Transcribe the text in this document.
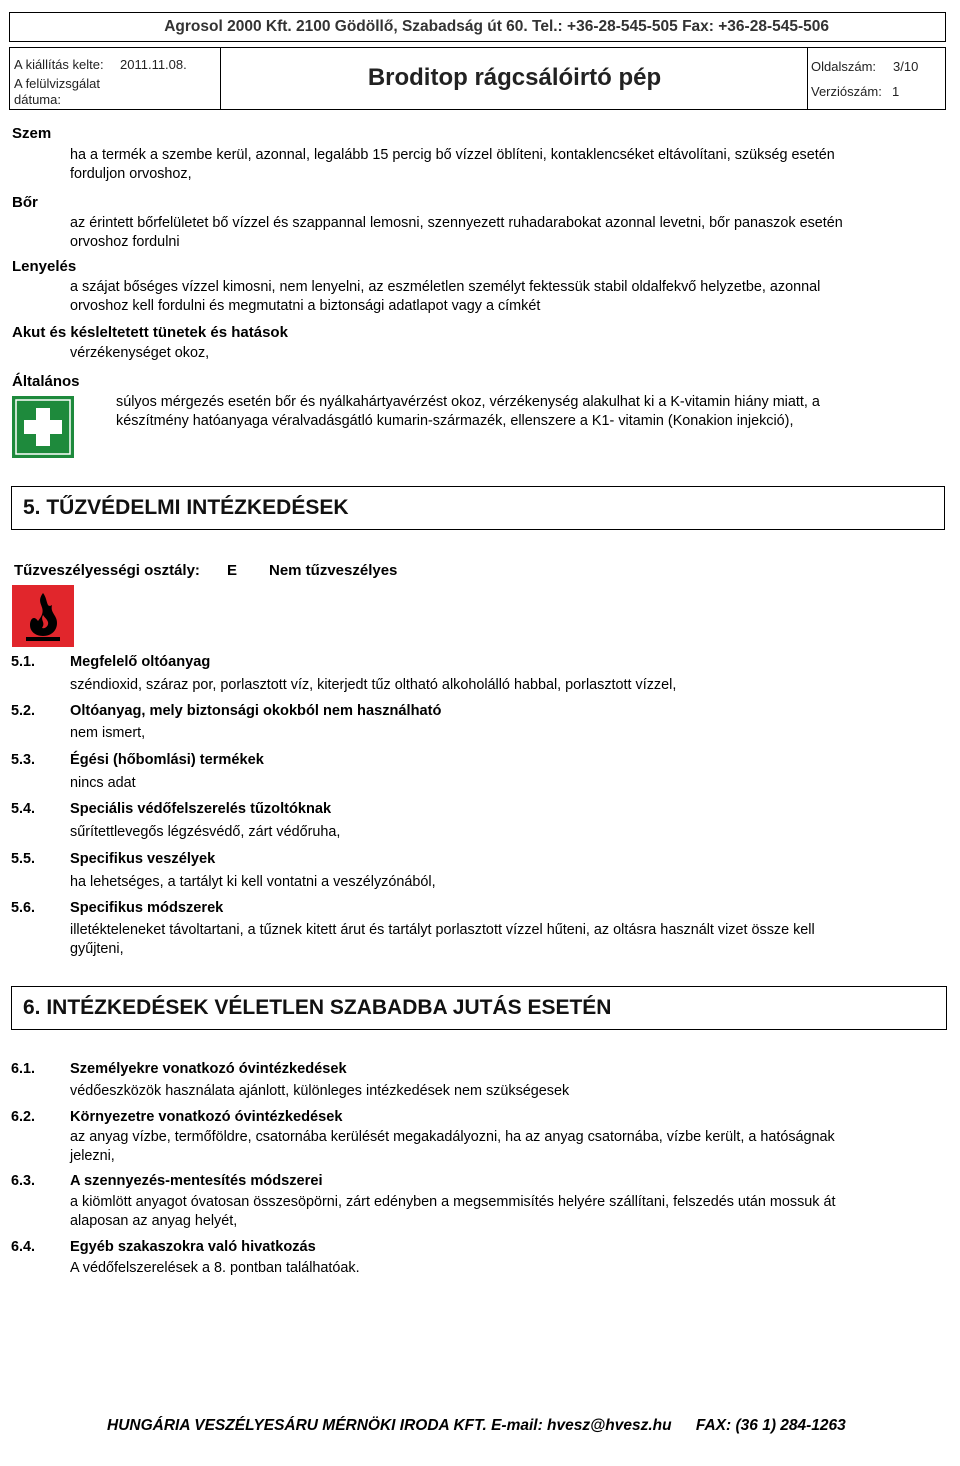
Agrosol 2000 Kft. 2100 Gödöllő, Szabadság út 60. Tel.: +36-28-545-505 Fax: +36-28-545-506
A kiállítás kelte: 2011.11.08.
A felülvizsgálat
dátuma:
Broditop rágcsálóirtó pép	Oldalszám: 3/10
Verziószám: 1
Szem
ha a termék a szembe kerül, azonnal, legalább 15 percig bő vízzel öblíteni, kontaklencséket eltávolítani, szükség esetén
forduljon orvoshoz,
Bőr
az érintett bőrfelületet bő vízzel és szappannal lemosni, szennyezett ruhadarabokat azonnal levetni, bőr panaszok esetén
orvoshoz fordulni
Lenyelés
a szájat bőséges vízzel kimosni, nem lenyelni, az eszméletlen személyt fektessük stabil oldalfekvő helyzetbe, azonnal
orvoshoz kell fordulni és megmutatni a biztonsági adatlapot vagy a címkét
Akut és késleltetett tünetek és hatások
vérzékenységet okoz,
Általános
súlyos mérgezés esetén bőr és nyálkahártyavérzést okoz, vérzékenység alakulhat ki a K-vitamin hiány miatt, a
készítmény hatóanyaga véralvadásgátló kumarin-származék, ellenszere a K1- vitamin (Konakion injekció),
5. TŰZVÉDELMI INTÉZKEDÉSEK
Tűzveszélyességi osztály: E Nem tűzveszélyes
5.1. Megfelelő oltóanyag
széndioxid, száraz por, porlasztott víz, kiterjedt tűz oltható alkoholálló habbal, porlasztott vízzel,
5.2. Oltóanyag, mely biztonsági okokból nem használható
nem ismert,
5.3. Égési (hőbomlási) termékek
nincs adat
5.4. Speciális védőfelszerelés tűzoltóknak
sűrítettlevegős légzésvédő, zárt védőruha,
5.5. Specifikus veszélyek
ha lehetséges, a tartályt ki kell vontatni a veszélyzónából,
5.6. Specifikus módszerek
illetékteleneket távoltartani, a tűznek kitett árut és tartályt porlasztott vízzel hűteni, az oltásra használt vizet össze kell
gyűjteni,
6. INTÉZKEDÉSEK VÉLETLEN SZABADBA JUTÁS ESETÉN
6.1. Személyekre vonatkozó óvintézkedések
védőeszközök használata ajánlott, különleges intézkedések nem szükségesek
6.2. Környezetre vonatkozó óvintézkedések
az anyag vízbe, termőföldre, csatornába kerülését megakadályozni, ha az anyag csatornába, vízbe került, a hatóságnak
jelezni,
6.3. A szennyezés-mentesítés módszerei
a kiömlött anyagot óvatosan összesöpörni, zárt edényben a megsemmisítés helyére szállítani, felszedés után mossuk át
alaposan az anyag helyét,
6.4. Egyéb szakaszokra való hivatkozás
A védőfelszerelések a 8. pontban találhatóak.
HUNGÁRIA VESZÉLYESÁRU MÉRNÖKI IRODA KFT. E-mail: hvesz@hvesz.hu FAX: (36 1) 284-1263
